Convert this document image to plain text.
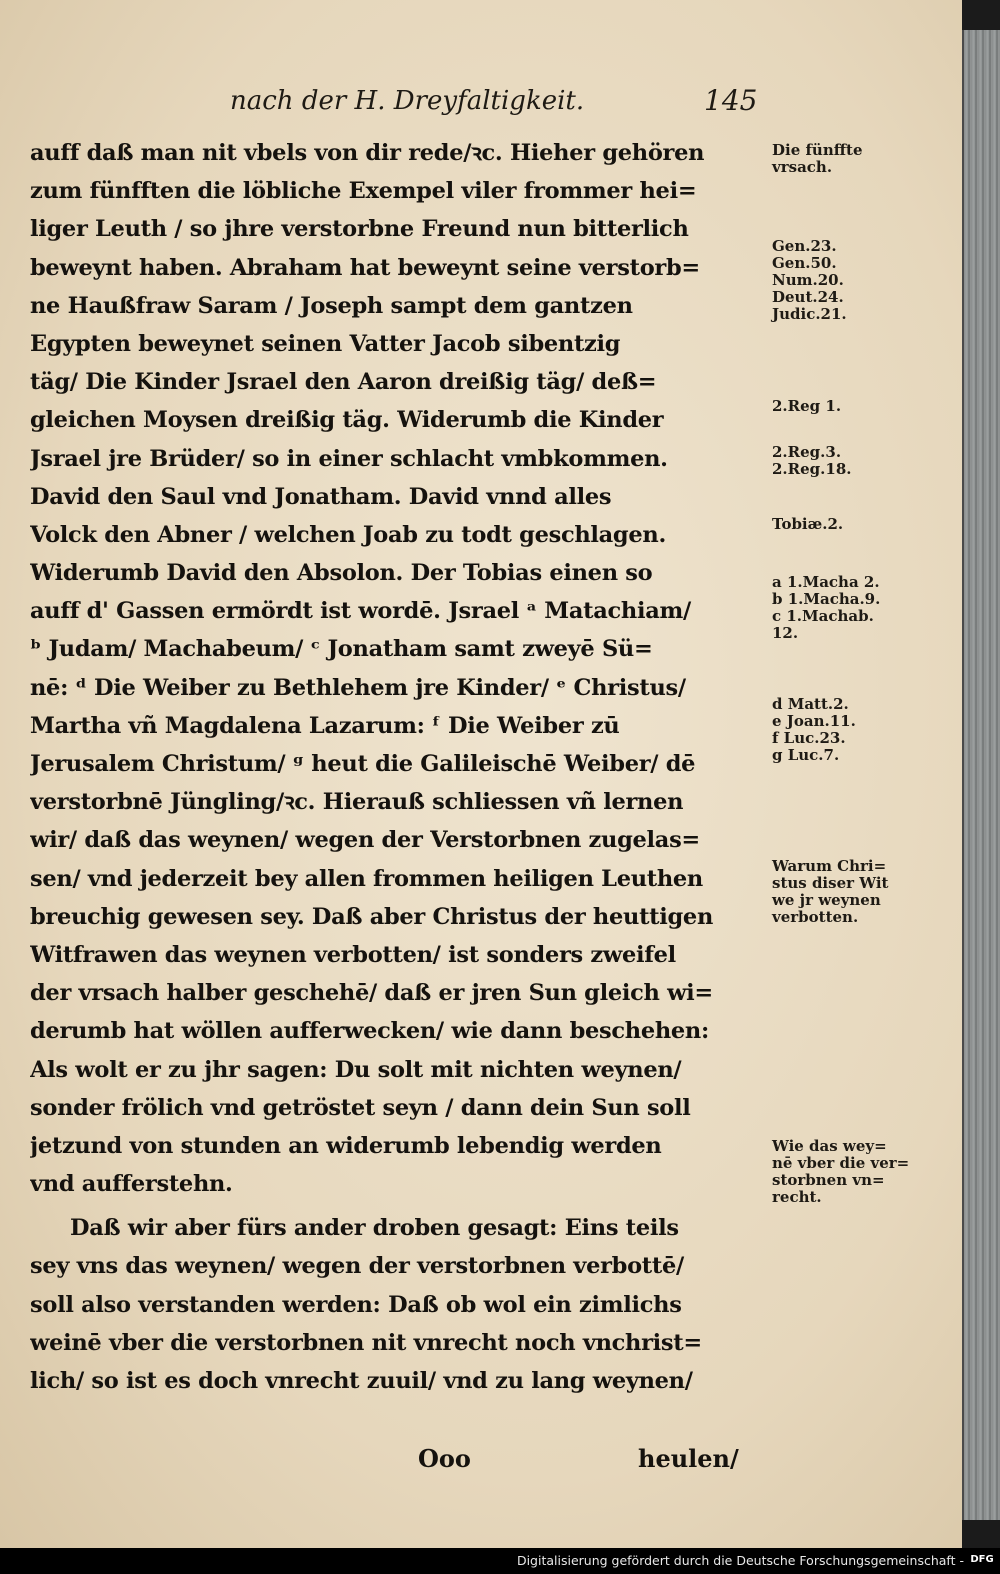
nach der H. Dreyfaltigkeit.	145
auff daß man nit vbels von dir rede/ꝛc. Hieher gehören
zum fünfften die löbliche Exempel viler frommer hei=
liger Leuth / so jhre verstorbne Freund nun bitterlich
beweynt haben. Abraham hat beweynt seine verstorb=
ne Haußfraw Saram / Joseph sampt dem gantzen
Egypten beweynet seinen Vatter Jacob sibentzig
täg/ Die Kinder Jsrael den Aaron dreißig täg/ deß=
gleichen Moysen dreißig täg. Widerumb die Kinder
Jsrael jre Brüder/ so in einer schlacht vmbkommen.
David den Saul vnd Jonatham. David vnnd alles
Volck den Abner / welchen Joab zu todt geschlagen.
Widerumb David den Absolon. Der Tobias einen so
auff d' Gassen ermördt ist wordē. Jsrael ᵃ Matachiam/
ᵇ Judam/ Machabeum/ ᶜ Jonatham samt zweyē Sü=
nē: ᵈ Die Weiber zu Bethlehem jre Kinder/ ᵉ Christus/
Martha vñ Magdalena Lazarum: ᶠ Die Weiber zū
Jerusalem Christum/ ᵍ heut die Galileischē Weiber/ dē
verstorbnē Jüngling/ꝛc. Hierauß schliessen vñ lernen
wir/ daß das weynen/ wegen der Verstorbnen zugelas=
sen/ vnd jederzeit bey allen frommen heiligen Leuthen
breuchig gewesen sey. Daß aber Christus der heuttigen
Witfrawen das weynen verbotten/ ist sonders zweifel
der vrsach halber geschehē/ daß er jren Sun gleich wi=
derumb hat wöllen aufferwecken/ wie dann beschehen:
Als wolt er zu jhr sagen: Du solt mit nichten weynen/
sonder frölich vnd getröstet seyn / dann dein Sun soll
jetzund von stunden an widerumb lebendig werden
vnd aufferstehn.
Daß wir aber fürs ander droben gesagt: Eins teils
sey vns das weynen/ wegen der verstorbnen verbottē/
soll also verstanden werden: Daß ob wol ein zimlichs
weinē vber die verstorbnen nit vnrecht noch vnchrist=
lich/ so ist es doch vnrecht zuuil/ vnd zu lang weynen/
Ooo	heulen/
Die fünffte
vrsach.
Gen.23.
Gen.50.
Num.20.
Deut.24.
Judic.21.
2.Reg 1.
2.Reg.3.
2.Reg.18.
Tobiæ.2.
a 1.Macha 2.
b 1.Macha.9.
c 1.Machab.
12.
d Matt.2.
e Joan.11.
f Luc.23.
g Luc.7.
Warum Chri=
stus diser Wit
we jr weynen
verbotten.
Wie das wey=
nē vber die ver=
storbnen vn=
recht.
Digitalisierung gefördert durch die Deutsche Forschungsgemeinschaft - DFG
